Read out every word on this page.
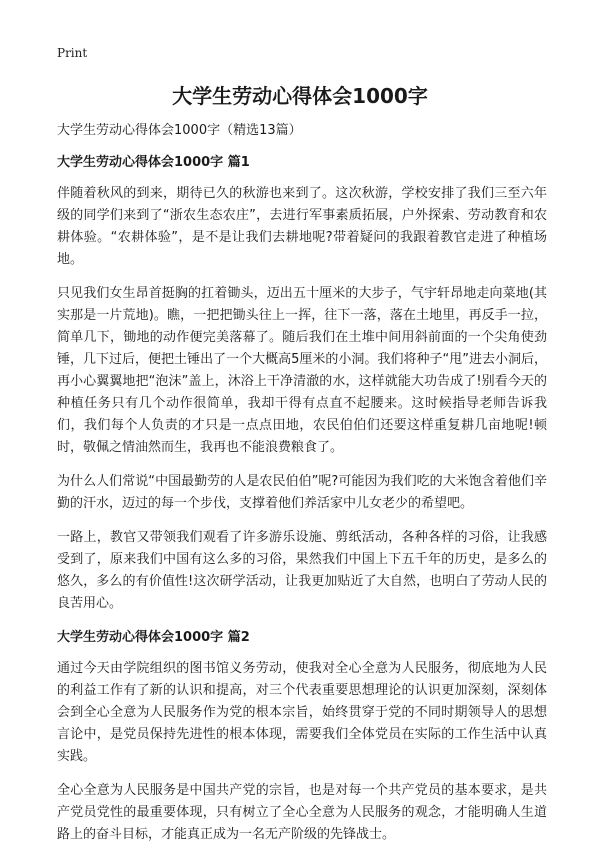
Print
大学生劳动心得体会1000字

大学生劳动心得体会1000字（精选13篇）

大学生劳动心得体会1000字 篇1

伴随着秋风的到来，期待已久的秋游也来到了。这次秋游，学校安排了我们三至六年级的同学们来到了“浙农生态农庄”，去进行军事素质拓展，户外探索、劳动教育和农耕体验。“农耕体验”，是不是让我们去耕地呢?带着疑问的我跟着教官走进了种植场地。

只见我们女生昂首挺胸的扛着锄头，迈出五十厘米的大步子，气宇轩昂地走向菜地(其实那是一片荒地)。瞧，一把把锄头往上一挥，往下一落，落在土地里，再反手一拉，简单几下，锄地的动作便完美落幕了。随后我们在土堆中间用斜前面的一个尖角使劲锤，几下过后，便把土锤出了一个大概高5厘米的小洞。我们将种子“甩”进去小洞后，再小心翼翼地把“泡沫”盖上，沐浴上干净清澈的水，这样就能大功告成了!别看今天的种植任务只有几个动作很简单，我却干得有点直不起腰来。这时候指导老师告诉我们，我们每个人负责的才只是一点点田地，农民伯伯们还要这样重复耕几亩地呢!顿时，敬佩之情油然而生，我再也不能浪费粮食了。

为什么人们常说“中国最勤劳的人是农民伯伯”呢?可能因为我们吃的大米饱含着他们辛勤的汗水，迈过的每一个步伐，支撑着他们养活家中儿女老少的希望吧。

一路上，教官又带领我们观看了许多游乐设施、剪纸活动，各种各样的习俗，让我感受到了，原来我们中国有这么多的习俗，果然我们中国上下五千年的历史，是多么的悠久，多么的有价值性!这次研学活动，让我更加贴近了大自然，也明白了劳动人民的良苦用心。

大学生劳动心得体会1000字 篇2

通过今天由学院组织的图书馆义务劳动，使我对全心全意为人民服务，彻底地为人民的利益工作有了新的认识和提高，对三个代表重要思想理论的认识更加深刻，深刻体会到全心全意为人民服务作为党的根本宗旨，始终贯穿于党的不同时期领导人的思想言论中，是党员保持先进性的根本体现，需要我们全体党员在实际的工作生活中认真实践。

全心全意为人民服务是中国共产党的宗旨，也是对每一个共产党员的基本要求，是共产党员党性的最重要体现，只有树立了全心全意为人民服务的观念，才能明确人生道路上的奋斗目标，才能真正成为一名无产阶级的先锋战士。
